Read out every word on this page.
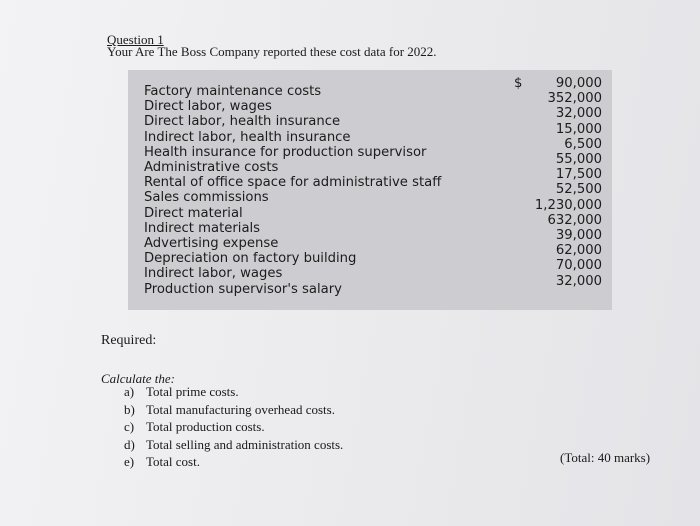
Question 1
Your Are The Boss Company reported these cost data for 2022.
Factory maintenance costs
Direct labor, wages
Direct labor, health insurance
Indirect labor, health insurance
Health insurance for production supervisor
Administrative costs
Rental of office space for administrative staff
Sales commissions
Direct material
Indirect materials
Advertising expense
Depreciation on factory building
Indirect labor, wages
Production supervisor's salary
$	90,000
352,000
32,000
15,000
6,500
55,000
17,500
52,500
1,230,000
632,000
39,000
62,000
70,000
32,000
Required:
Calculate the:
a) Total prime costs.
b) Total manufacturing overhead costs.
c) Total production costs.
d) Total selling and administration costs.
e) Total cost.	(Total: 40 marks)
